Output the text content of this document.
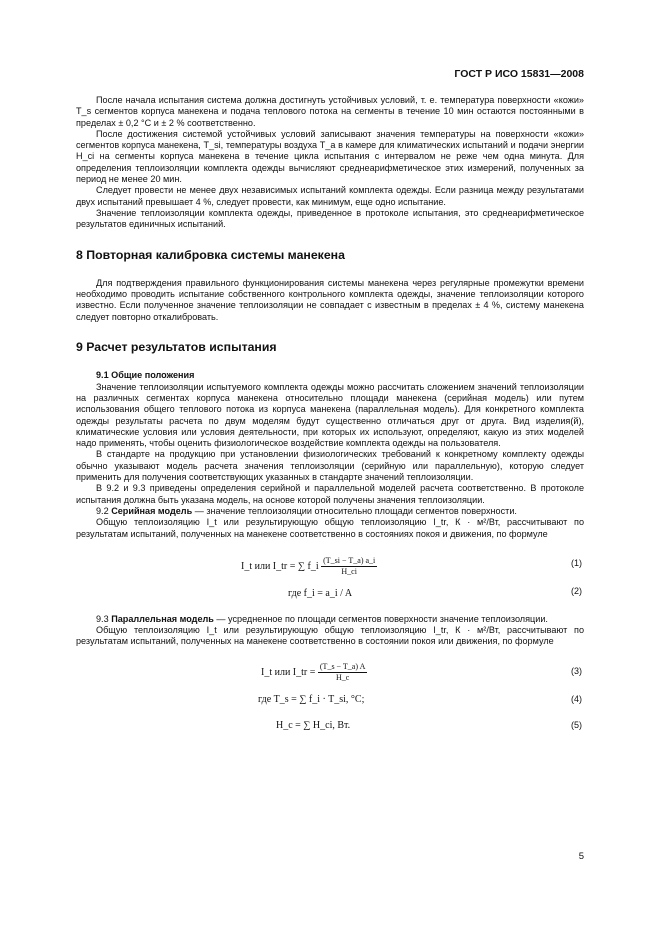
ГОСТ Р ИСО 15831—2008

После начала испытания система должна достигнуть устойчивых условий, т. е. температура поверхности «кожи» T_s сегментов корпуса манекена и подача теплового потока на сегменты в течение 10 мин остаются постоянными в пределах ± 0,2 °C и ± 2 % соответственно.

После достижения системой устойчивых условий записывают значения температуры на поверхности «кожи» сегментов корпуса манекена, T_si, температуры воздуха T_a в камере для климатических испытаний и подачи энергии H_ci на сегменты корпуса манекена в течение цикла испытания с интервалом не реже чем одна минута. Для определения теплоизоляции комплекта одежды вычисляют среднеарифметическое этих измерений, полученных за период не менее 20 мин.

Следует провести не менее двух независимых испытаний комплекта одежды. Если разница между результатами двух испытаний превышает 4 %, следует провести, как минимум, еще одно испытание.

Значение теплоизоляции комплекта одежды, приведенное в протоколе испытания, это среднеарифметическое результатов единичных испытаний.

8 Повторная калибровка системы манекена

Для подтверждения правильного функционирования системы манекена через регулярные промежутки времени необходимо проводить испытание собственного контрольного комплекта одежды, значение теплоизоляции которого известно. Если полученное значение теплоизоляции не совпадает с известным в пределах ± 4 %, систему манекена следует повторно откалибровать.

9 Расчет результатов испытания

9.1 Общие положения

Значение теплоизоляции испытуемого комплекта одежды можно рассчитать сложением значений теплоизоляции на различных сегментах корпуса манекена относительно площади манекена (серийная модель) или путем использования общего теплового потока из корпуса манекена (параллельная модель). Для конкретного комплекта одежды результаты расчета по двум моделям будут существенно отличаться друг от друга. Вид изделия(й), климатические условия или условия деятельности, при которых их используют, определяют, какую из этих моделей надо применять, чтобы оценить физиологическое воздействие комплекта одежды на пользователя.

В стандарте на продукцию при установлении физиологических требований к конкретному комплекту одежды обычно указывают модель расчета значения теплоизоляции (серийную или параллельную), которую следует применить для получения соответствующих указанных в стандарте значений теплоизоляции.

В 9.2 и 9.3 приведены определения серийной и параллельной моделей расчета соответственно. В протоколе испытания должна быть указана модель, на основе которой получены значения теплоизоляции.

9.2 Серийная модель — значение теплоизоляции относительно площади сегментов поверхности.

Общую теплоизоляцию I_t или результирующую общую теплоизоляцию I_tr, К · м²/Вт, рассчитывают по результатам испытаний, полученных на манекене соответственно в состояниях покоя и движения, по формуле

I_t или I_tr = ∑ f_i $\frac{(T\_si - T\_a) a\_i}{H\_ci}$	(1)
где f_i = a_i / A	(2)

9.3 Параллельная модель — усредненное по площади сегментов поверхности значение теплоизоляции.

Общую теплоизоляцию I_t или результирующую общую теплоизоляцию I_tr, К · м²/Вт, рассчитывают по результатам испытаний, полученных на манекене соответственно в состоянии покоя или движения, по формуле

I_t или I_tr = $\frac{(T\_s - T\_a) A}{H\_c}$	(3)
где T_s = ∑ f_i · T_si, °C;	(4)
H_c = ∑ H_ci, Вт.	(5)
5
